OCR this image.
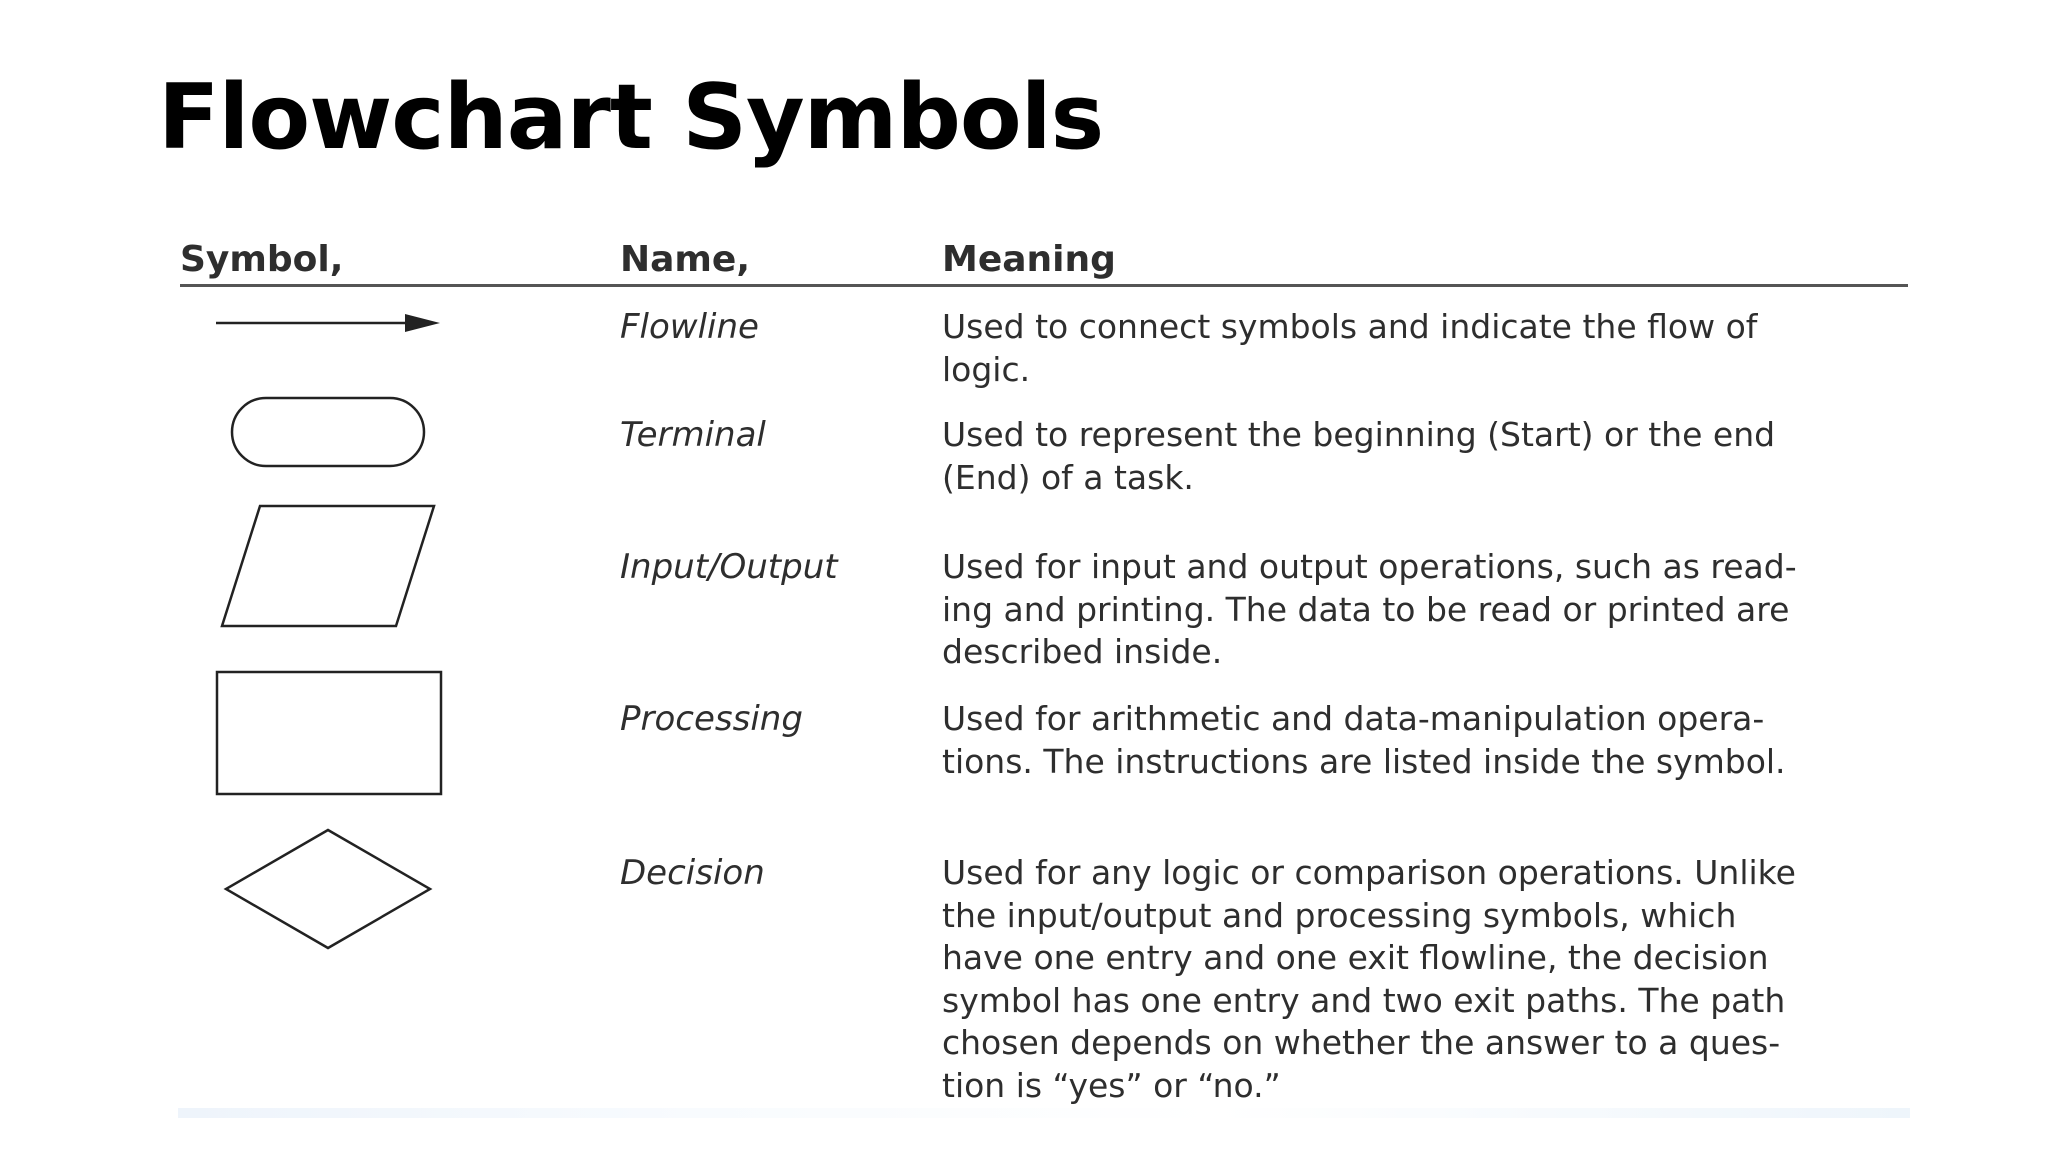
Flowchart Symbols
Symbol,	Name,	Meaning
Flowline	Used to connect symbols and indicate the flow of
logic.
Terminal	Used to represent the beginning (Start) or the end
(End) of a task.
Input/Output	Used for input and output operations, such as read-
ing and printing. The data to be read or printed are
described inside.
Processing	Used for arithmetic and data-manipulation opera-
tions. The instructions are listed inside the symbol.
Decision	Used for any logic or comparison operations. Unlike
the input/output and processing symbols, which
have one entry and one exit flowline, the decision
symbol has one entry and two exit paths. The path
chosen depends on whether the answer to a ques-
tion is “yes” or “no.”
